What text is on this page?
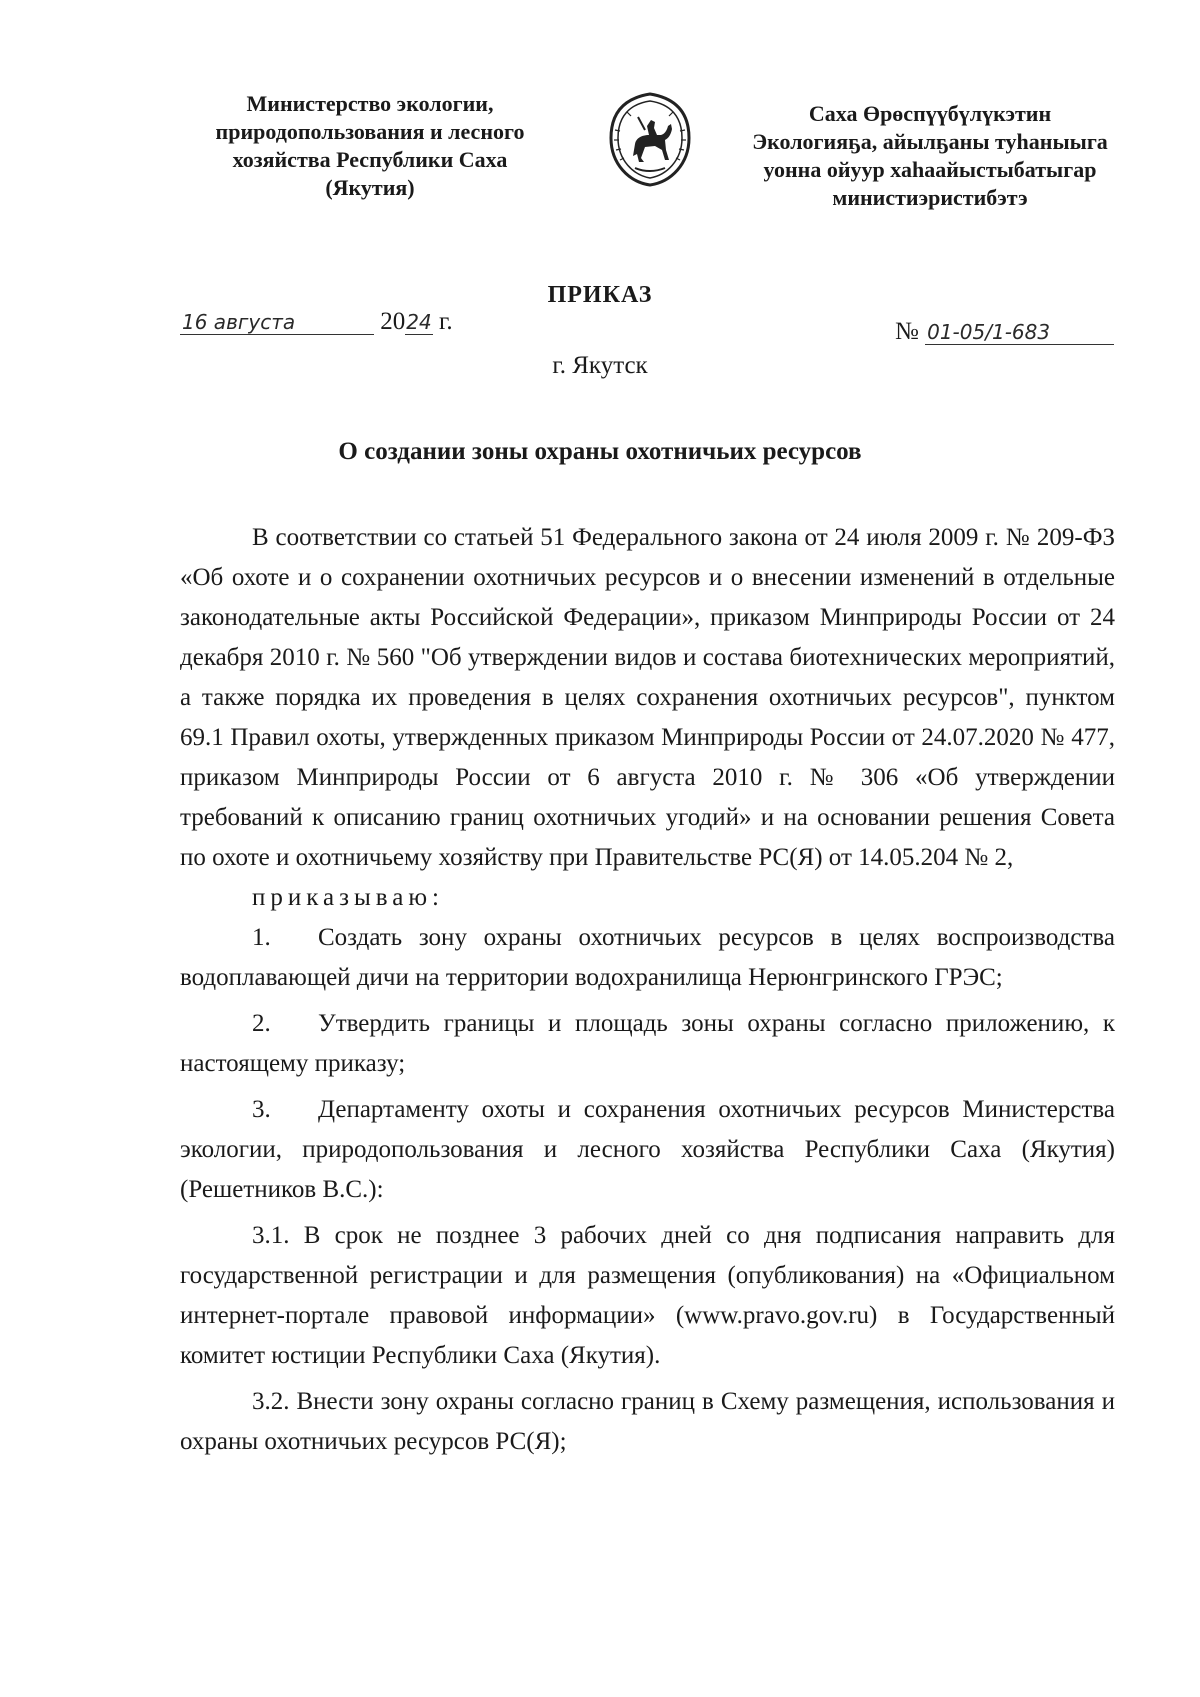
Министерство экологии,
природопользования и лесного
хозяйства Республики Саха
(Якутия)
Саха Өрөспүүбүлүкэтин
Экологияҕа, айылҕаны туһаныыга
уонна ойуур хаһаайыстыбатыгар
министиэристибэтэ
ПРИКАЗ
16 августа	2024 г.	№ 01-05/1-683
г. Якутск
О создании зоны охраны охотничьих ресурсов

В соответствии со статьей 51 Федерального закона от 24 июля 2009 г. № 209-ФЗ «Об охоте и о сохранении охотничьих ресурсов и о внесении изменений в отдельные законодательные акты Российской Федерации», приказом Минприроды России от 24 декабря 2010 г. № 560 "Об утверждении видов и состава биотехнических мероприятий, а также порядка их проведения в целях сохранения охотничьих ресурсов", пунктом 69.1 Правил охоты, утвержденных приказом Минприроды России от 24.07.2020 № 477, приказом Минприроды России от 6 августа 2010 г. № 306 «Об утверждении требований к описанию границ охотничьих угодий» и на основании решения Совета по охоте и охотничьему хозяйству при Правительстве РС(Я) от 14.05.204 № 2,

приказываю:

1. Создать зону охраны охотничьих ресурсов в целях воспроизводства водоплавающей дичи на территории водохранилища Нерюнгринского ГРЭС;

2. Утвердить границы и площадь зоны охраны согласно приложению, к настоящему приказу;

3. Департаменту охоты и сохранения охотничьих ресурсов Министерства экологии, природопользования и лесного хозяйства Республики Саха (Якутия) (Решетников В.С.):

3.1. В срок не позднее 3 рабочих дней со дня подписания направить для государственной регистрации и для размещения (опубликования) на «Официальном интернет-портале правовой информации» (www.pravo.gov.ru) в Государственный комитет юстиции Республики Саха (Якутия).

3.2. Внести зону охраны согласно границ в Схему размещения, использования и охраны охотничьих ресурсов РС(Я);
